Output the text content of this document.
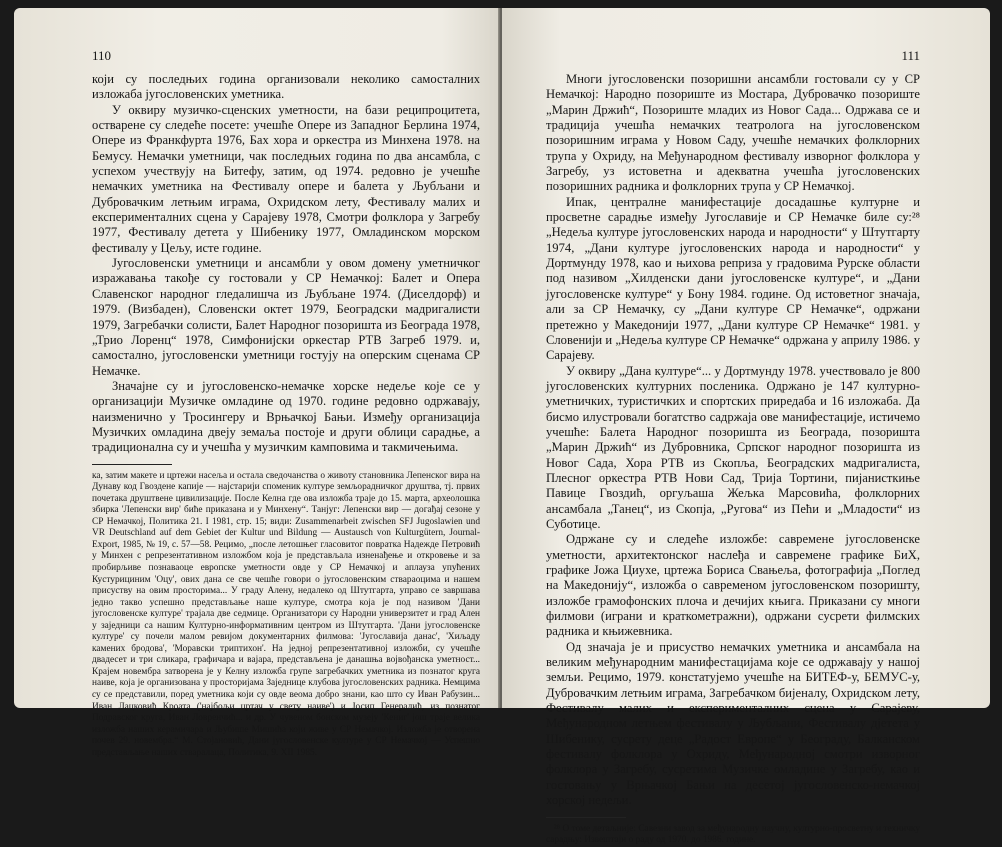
110

који су последњих година организовали неколико самосталних изложаба југословенских уметника.

У оквиру музичко-сценских уметности, на бази реципроцитета, остварене су следеће посете: учешће Опере из Западног Берлина 1974, Опере из Франкфурта 1976, Бах хора и оркестра из Минхена 1978. на Бемусу. Немачки уметници, чак последњих година по два ансамбла, с успехом учествују на Битефу, затим, од 1974. редовно је учешће немачких уметника на Фестивалу опере и балета у Љубљани и Дубровачким летњим играма, Охридском лету, Фестивалу малих и експерименталних сцена у Сарајеву 1978, Смотри фолклора у Загребу 1977, Фестивалу детета у Шибенику 1977, Омладинском морском фестивалу у Цељу, исте године.

Југословенски уметници и ансамбли у овом домену уметничког изражавања такође су гостовали у СР Немачкој: Балет и Опера Славенског народног гледалишча из Љубљане 1974. (Диселдорф) и 1979. (Визбаден), Словенски октет 1979, Београдски мадригалисти 1979, Загребачки солисти, Балет Народног позоришта из Београда 1978, „Трио Лоренц“ 1978, Симфонијски оркестар РТВ Загреб 1979. и, самостално, југословенски уметници гостују на оперским сценама СР Немачке.

Значајне су и југословенско-немачке хорске недеље које се у организацији Музичке омладине од 1970. године редовно одржавају, наизменично у Тросингеру и Врњачкој Бањи. Између организација Музичких омладина двеју земаља постоје и други облици сарадње, а традиционална су и учешћа у музичким камповима и такмичењима.

ка, затим макете и цртежи насеља и остала сведочанства о животу становника Лепенског вира на Дунаву код Гвоздене капије — најстарији споменик културе земљорадничког друштва, тј. првих почетака друштвене цивилизације. После Келна где ова изложба траје до 15. марта, археолошка збирка 'Лепенски вир' биће приказана и у Минхену“. Танјуг: Лепенски вир — догађај сезоне у СР Немачкој, Политика 21. I 1981, стр. 15; види: Zusammenarbeit zwischen SFJ Jugoslawien und VR Deutschland auf dem Gebiet der Kultur und Bildung — Austausch von Kulturgütern, Journal-Export, 1985, № 19, с. 57—58. Рецимо, „после летошњег гласовитог повратка Надежде Петровић у Минхен с репрезентативном изложбом која је представљала изненађење и откровење и за пробирљиве познаваоце европске уметности овде у СР Немачкој и аплауза упућених Кустурициним 'Оцу', ових дана се све чешће говори о југословенским ствараоцима и нашем присуству на овим просторима... У граду Алену, недалеко од Штутгарта, управо се завршава једно такво успешно представљање наше културе, смотра која је под називом 'Дани југословенске културе' трајала две седмице. Организатори су Народни универзитет и град Ален у заједници са нашим Културно-информативним центром из Штутгарта. 'Дани југословенске културе' су почели малом ревијом документарних филмова: 'Југославија данас', 'Хиљаду камених бродова', 'Моравски триптихон'. На једној репрезентативној изложби, су учешће двадесет и три сликара, графичара и вајара, представљена је данашња војвођанска уметност... Крајем новембра затворена је у Келну изложба групе загребачких уметника из познатог круга наиве, која је организована у просторијама Заједнице клубова југословенских радника. Немцима су се представили, поред уметника који су овде веома добро знани, као што су Иван Рабузин... Иван Лацковић Кроата ('најбољи цртач у свету наиве') и Јосип Генералић, из познатог Подравског круга, Иван Ловренчић... и др. У чувеном бонском музеју 'Кениг' још траје велика изложба наших керамичара и Љубише Мишића који живе у СР Немачкој. Изложба је отворена почев 29. новембра.“ М. Стојановић, Дани југословенске културе у СР Немачкој — Успешно представљање наших стваралаца, Политика, 9. XII 1985.

111

Многи југословенски позоришни ансамбли гостовали су у СР Немачкој: Народно позориште из Мостара, Дубровачко позориште „Марин Држић“, Позориште младих из Новог Сада... Одржава се и традиција учешћа немачких театролога на југословенском позоришним играма у Новом Саду, учешће немачких фолклорних трупа у Охриду, на Међународном фестивалу изворног фолклора у Загребу, уз истоветна и адекватна учешћа југословенских позоришних радника и фолклорних трупа у СР Немачкој.

Ипак, централне манифестације досадашње културне и просветне сарадње између Југославије и СР Немачке биле су:²⁸ „Недеља културе југословенских народа и народности“ у Штутгарту 1974, „Дани културе југословенских народа и народности“ у Дортмунду 1978, као и њихова реприза у градовима Рурске области под називом „Хилденски дани југословенске културе“, и „Дани југословенске културе“ у Бону 1984. године. Од истоветног значаја, али за СР Немачку, су „Дани културе СР Немачке“, одржани претежно у Македонији 1977, „Дани културе СР Немачке“ 1981. у Словенији и „Недеља културе СР Немачке“ одржана у априлу 1986. у Сарајеву.

У оквиру „Дана културе“... у Дортмунду 1978. учествовало је 800 југословенских културних посленика. Одржано је 147 културно-уметничких, туристичких и спортских приредаба и 16 изложаба. Да бисмо илустровали богатство садржаја ове манифестације, истичемо учешће: Балета Народног позоришта из Београда, позоришта „Марин Држић“ из Дубровника, Српског народног позоришта из Новог Сада, Хора РТВ из Скопља, Београдских мадригалиста, Плесног оркестра РТВ Нови Сад, Трија Тортини, пијанисткиње Павице Гвоздић, оргуљаша Жељка Марсовића, фолклорних ансамбала „Танец“, из Скопја, „Ругова“ из Пећи и „Младости“ из Суботице.

Одржане су и следеће изложбе: савремене југословенске уметности, архитектонског наслеђа и савремене графике БиХ, графике Јожа Циухе, цртежа Бориса Свањеља, фотографија „Поглед на Македонију“, изложба о савременом југословенском позоришту, изложбе грамофонских плоча и дечијих књига. Приказани су многи филмови (играни и краткометражни), одржани сусрети филмских радника и књижевника.

Од значаја је и присуство немачких уметника и ансамбала на великим међународним манифестацијама које се одржавају у нашој земљи. Рецимо, 1979. констатујемо учешће на БИТЕФ-у, БЕМУС-у, Дубровачким летњим играма, Загребачком бијеналу, Охридском лету, Фестивалу малих и експерименталних сцена у Сарајеву, Међународном летњем фестивалу у Љубљани, Фестивалу дјетета у Шибенику, сусрету деце „Радост Европе“ у Београду, Балканском фестивалу фолклора у Охриду, Међународној смотри изворног фолклора у Загребу, сусретима Музичке омладине у Загребу, као и гостовању у Врњачкој Бањи на десетој југословенско-немачкој хорској недељи.

²⁸ О томе детаљније: Савезни завод за међународну научну, културно-просветну и техничку сарадњу: Извештаји о раду од 1970. до 1986. године.
